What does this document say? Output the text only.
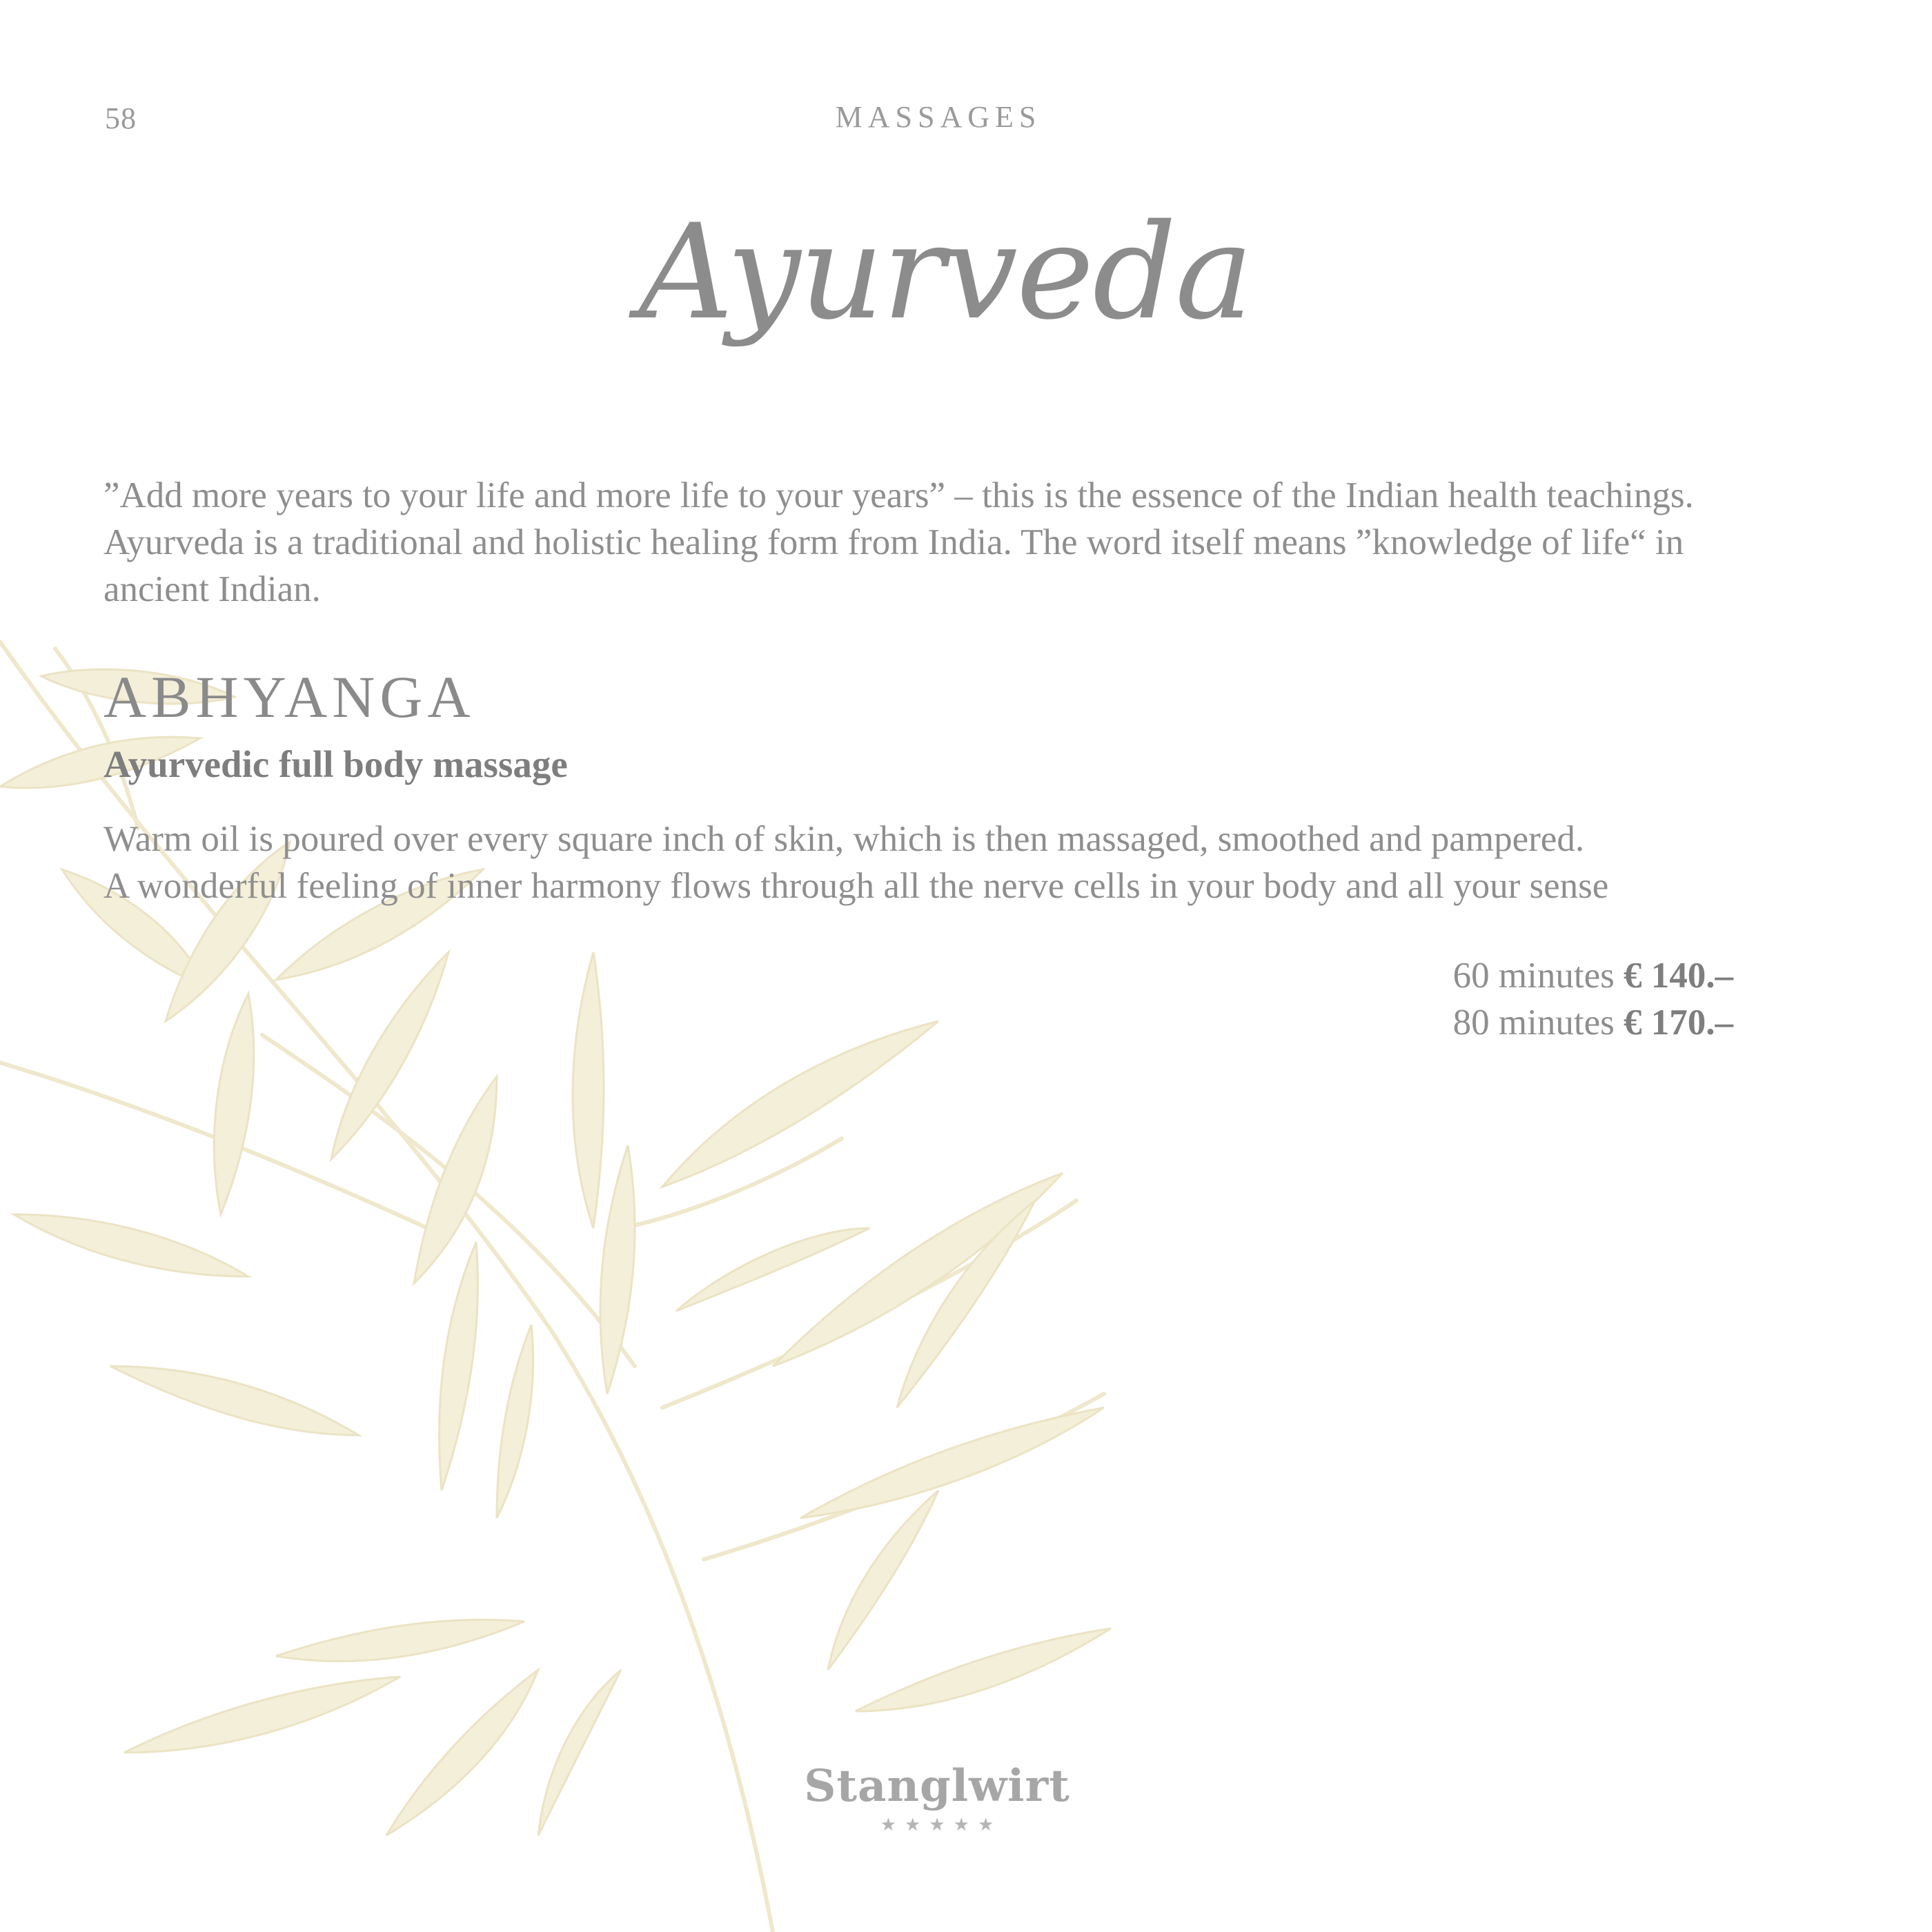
58	MASSAGES
Ayurveda
”Add more years to your life and more life to your years” – this is the essence of the Indian health teachings.
Ayurveda is a traditional and holistic healing form from India. The word itself means ”knowledge of life“ in
ancient Indian.
ABHYANGA
Ayurvedic full body massage
Warm oil is poured over every square inch of skin, which is then massaged, smoothed and pampered.
A wonderful feeling of inner harmony flows through all the nerve cells in your body and all your sense
60 minutes € 140.–
80 minutes € 170.–
Stanglwirt
★★★★★
